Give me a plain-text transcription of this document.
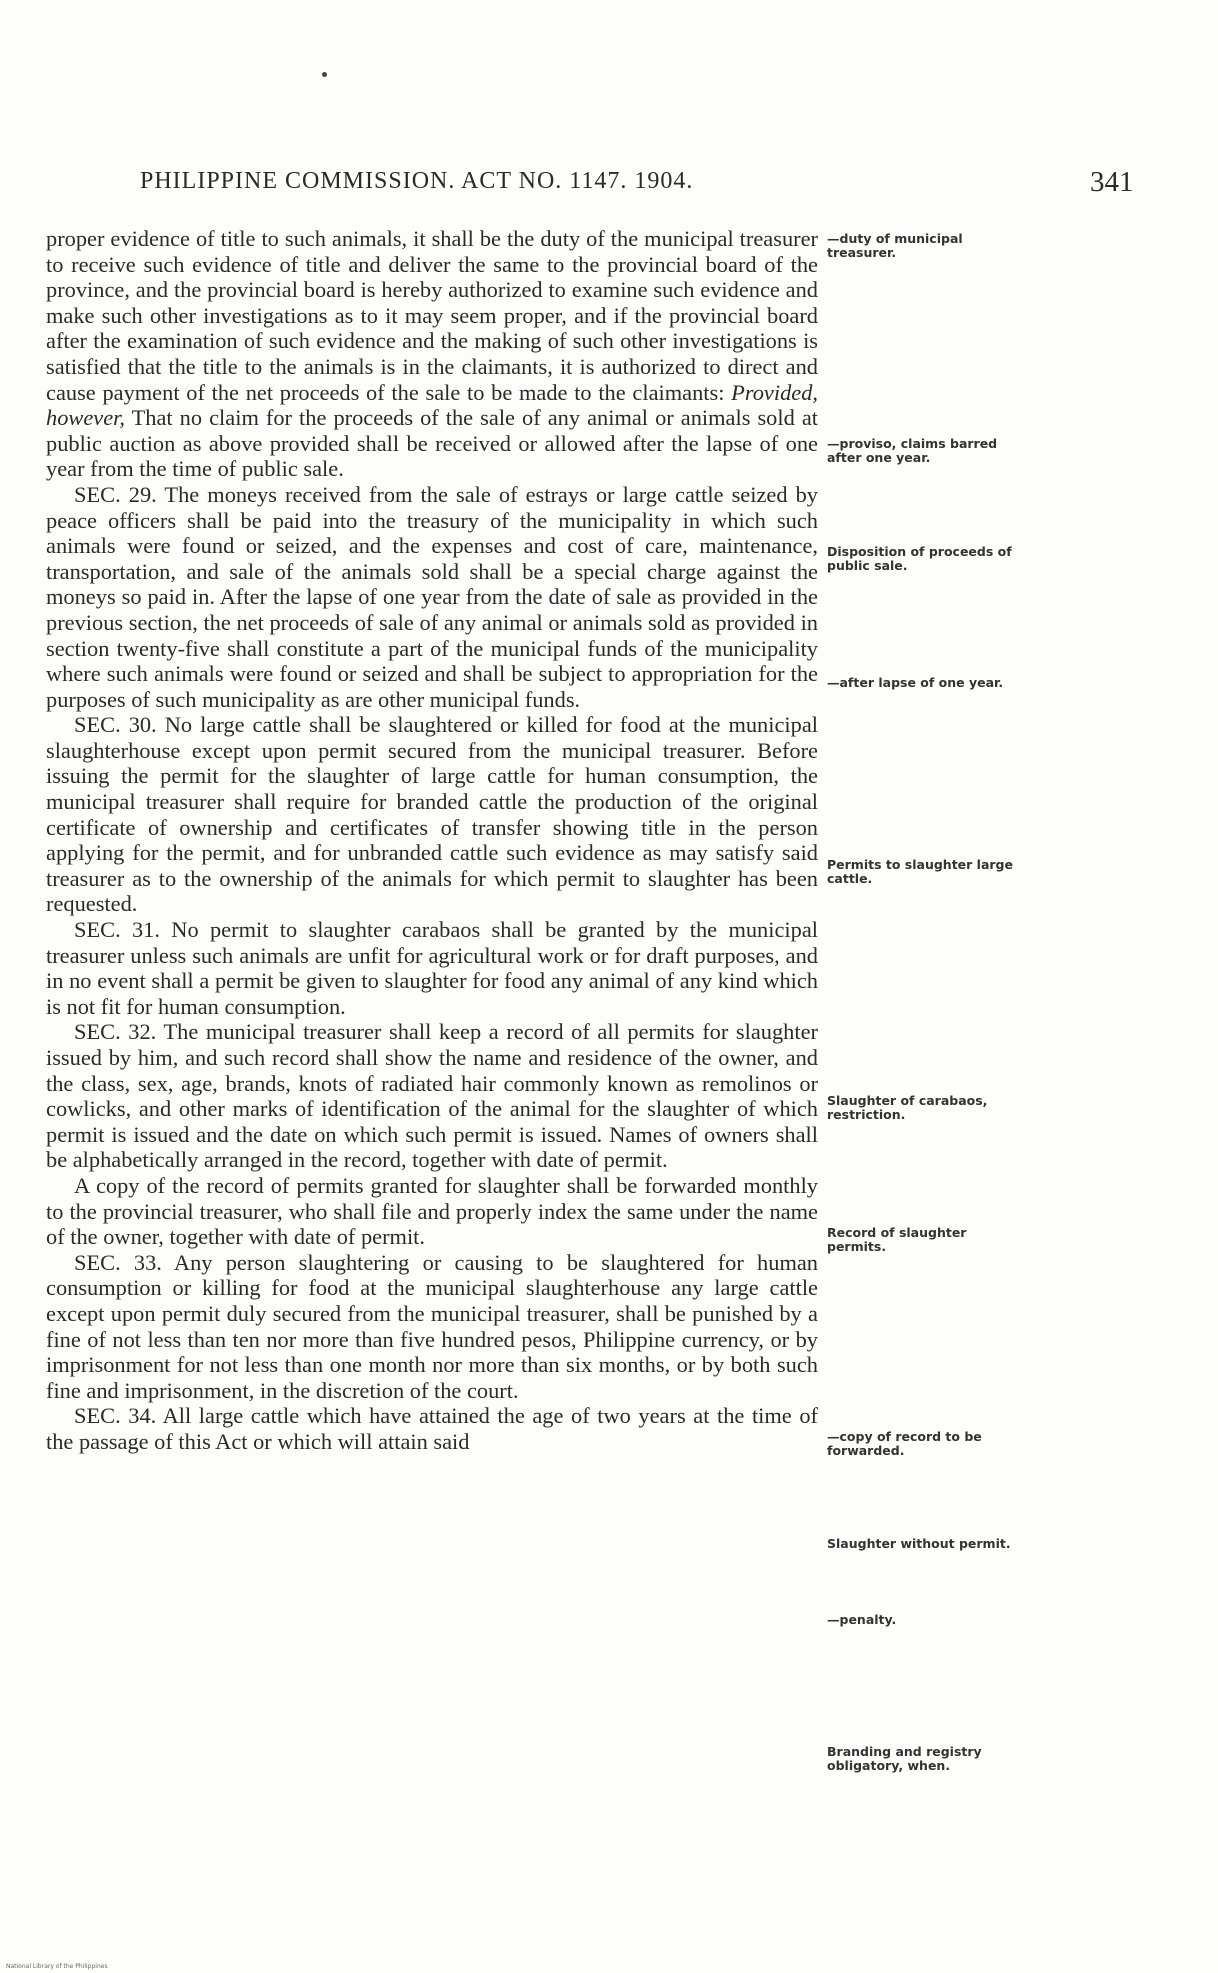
PHILIPPINE COMMISSION. ACT NO. 1147. 1904.	341

proper evidence of title to such animals, it shall be the duty of the municipal treasurer to receive such evidence of title and deliver the same to the provincial board of the province, and the provincial board is hereby authorized to examine such evidence and make such other investigations as to it may seem proper, and if the provincial board after the examination of such evidence and the making of such other investigations is satisfied that the title to the animals is in the claimants, it is authorized to direct and cause payment of the net proceeds of the sale to be made to the claimants: Provided, however, That no claim for the proceeds of the sale of any animal or animals sold at public auction as above provided shall be received or allowed after the lapse of one year from the time of public sale.

SEC. 29. The moneys received from the sale of estrays or large cattle seized by peace officers shall be paid into the treasury of the municipality in which such animals were found or seized, and the expenses and cost of care, maintenance, transportation, and sale of the animals sold shall be a special charge against the moneys so paid in. After the lapse of one year from the date of sale as provided in the previous section, the net proceeds of sale of any animal or animals sold as provided in section twenty-five shall constitute a part of the municipal funds of the municipality where such animals were found or seized and shall be subject to appropriation for the purposes of such municipality as are other municipal funds.

SEC. 30. No large cattle shall be slaughtered or killed for food at the municipal slaughterhouse except upon permit secured from the municipal treasurer. Before issuing the permit for the slaughter of large cattle for human consumption, the municipal treasurer shall require for branded cattle the production of the original certificate of ownership and certificates of transfer showing title in the person applying for the permit, and for unbranded cattle such evidence as may satisfy said treasurer as to the ownership of the animals for which permit to slaughter has been requested.

SEC. 31. No permit to slaughter carabaos shall be granted by the municipal treasurer unless such animals are unfit for agricultural work or for draft purposes, and in no event shall a permit be given to slaughter for food any animal of any kind which is not fit for human consumption.

SEC. 32. The municipal treasurer shall keep a record of all permits for slaughter issued by him, and such record shall show the name and residence of the owner, and the class, sex, age, brands, knots of radiated hair commonly known as remolinos or cowlicks, and other marks of identification of the animal for the slaughter of which permit is issued and the date on which such permit is issued. Names of owners shall be alphabetically arranged in the record, together with date of permit.

A copy of the record of permits granted for slaughter shall be forwarded monthly to the provincial treasurer, who shall file and properly index the same under the name of the owner, together with date of permit.

SEC. 33. Any person slaughtering or causing to be slaughtered for human consumption or killing for food at the municipal slaughterhouse any large cattle except upon permit duly secured from the municipal treasurer, shall be punished by a fine of not less than ten nor more than five hundred pesos, Philippine currency, or by imprisonment for not less than one month nor more than six months, or by both such fine and imprisonment, in the discretion of the court.

SEC. 34. All large cattle which have attained the age of two years at the time of the passage of this Act or which will attain said

—duty of municipal treasurer.
—proviso, claims barred after one year.
Disposition of proceeds of public sale.
—after lapse of one year.
Permits to slaughter large cattle.
Slaughter of carabaos, restriction.
Record of slaughter permits.
—copy of record to be forwarded.
Slaughter without permit.
—penalty.
Branding and registry obligatory, when.
National Library of the Philippines
